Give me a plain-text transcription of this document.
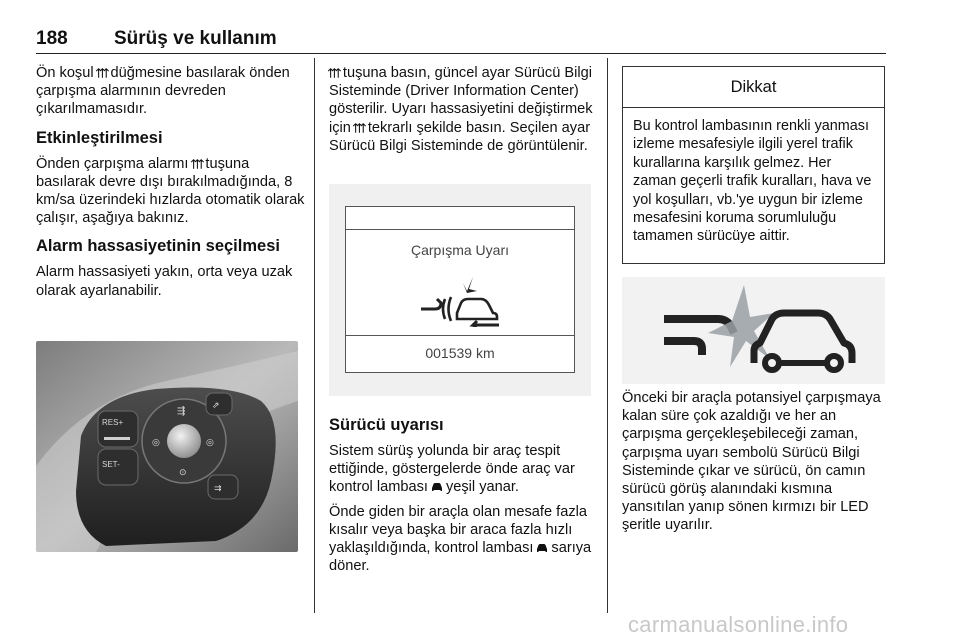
188	Sürüş ve kullanım

Ön koşul⇶ düğmesine basılarak önden çarpışma alarmının devreden çıkarılmamasıdır.

Etkinleştirilmesi

Önden çarpışma alarmı⇶ tuşuna basılarak devre dışı bırakılmadığında, 8 km/sa üzerindeki hızlarda otomatik olarak çalışır, aşağıya bakınız.

Alarm hassasiyetinin seçilmesi

Alarm hassasiyeti yakın, orta veya uzak olarak ayarlanabilir.

RES+
SET-
⇶
◎	◎
⊙
⇗
⇉

⇶ tuşuna basın, güncel ayar Sürücü Bilgi Sisteminde (Driver Information Center) gösterilir. Uyarı hassasiyetini değiştirmek için⇶ tekrarlı şekilde basın. Seçilen ayar Sürücü Bilgi Sisteminde de görüntülenir.

Çarpışma Uyarı
001539 km
Sürücü uyarısı

Sistem sürüş yolunda bir araç tespit ettiğinde, göstergelerde önde araç var kontrol lambası yeşil yanar.

Önde giden bir araçla olan mesafe fazla kısalır veya başka bir araca fazla hızlı yaklaşıldığında, kontrol lambası sarıya döner.

Dikkat
Bu kontrol lambasının renkli yanması izleme mesafesiyle ilgili yerel trafik kurallarına karşılık gelmez. Her zaman geçerli trafik kuralları, hava ve yol koşulları, vb.'ye uygun bir izleme mesafesini koruma sorumluluğu tamamen sürücüye aittir.
Önceki bir araçla potansiyel çarpışmaya kalan süre çok azaldığı ve her an çarpışma gerçekleşebileceği zaman, çarpışma uyarı sembolü Sürücü Bilgi Sisteminde çıkar ve sürücü, ön camın sürücü görüş alanındaki kısmına yansıtılan yanıp sönen kırmızı bir LED şeritle uyarılır.
carmanualsonline.info
